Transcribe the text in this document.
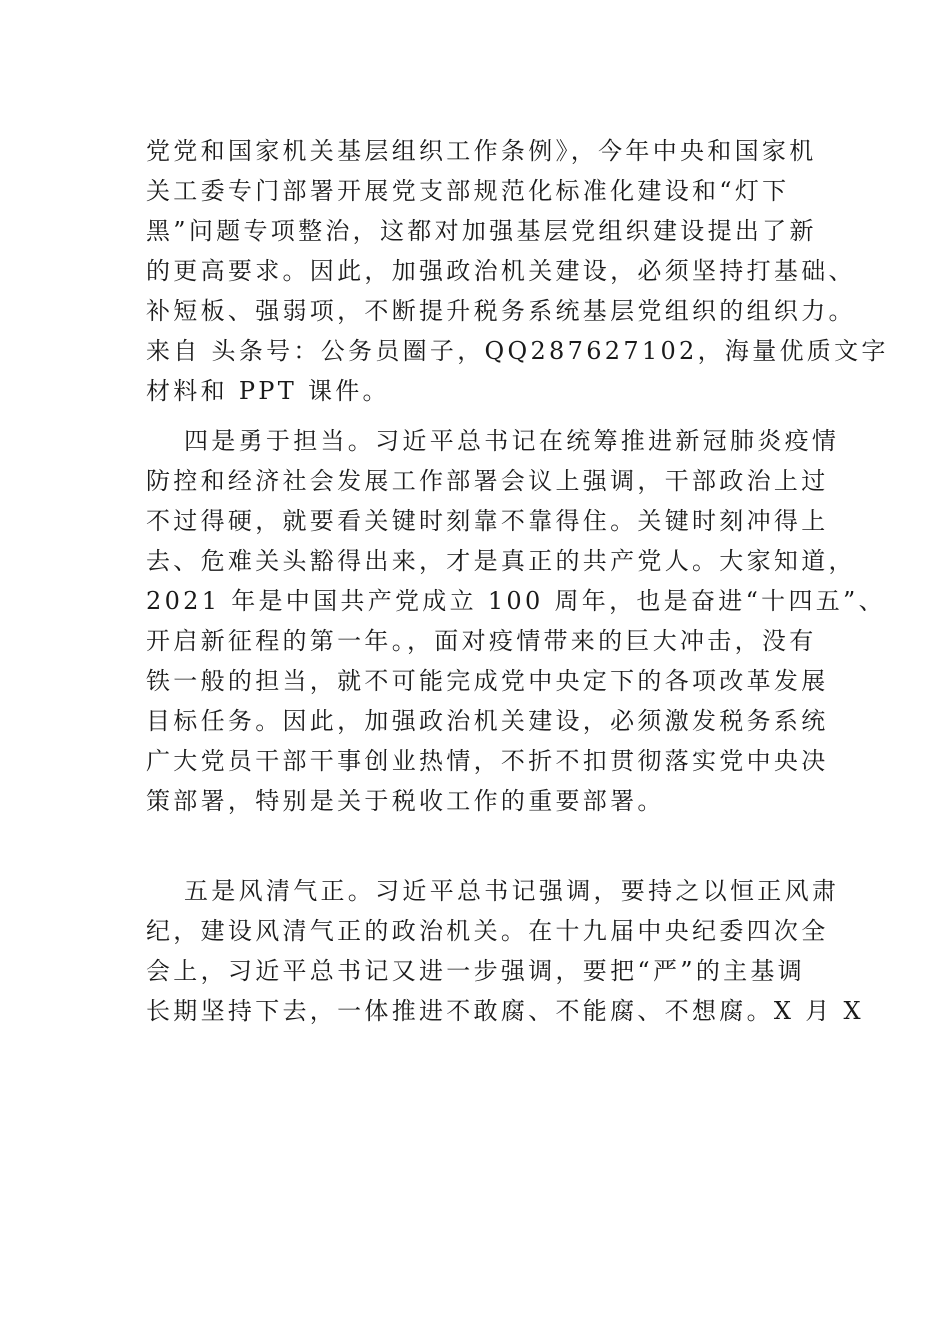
党党和国家机关基层组织工作条例》，今年中央和国家机
关工委专门部署开展党支部规范化标准化建设和“灯下
黑”问题专项整治，这都对加强基层党组织建设提出了新
的更高要求。因此，加强政治机关建设，必须坚持打基础、
补短板、强弱项，不断提升税务系统基层党组织的组织力。
来自 头条号：公务员圈子，QQ287627102，海量优质文字
材料和 PPT 课件。
四是勇于担当。习近平总书记在统筹推进新冠肺炎疫情
防控和经济社会发展工作部署会议上强调，干部政治上过
不过得硬，就要看关键时刻靠不靠得住。关键时刻冲得上
去、危难关头豁得出来，才是真正的共产党人。大家知道，
2021 年是中国共产党成立 100 周年，也是奋进“十四五”、
开启新征程的第一年。，面对疫情带来的巨大冲击，没有
铁一般的担当，就不可能完成党中央定下的各项改革发展
目标任务。因此，加强政治机关建设，必须激发税务系统
广大党员干部干事创业热情，不折不扣贯彻落实党中央决
策部署，特别是关于税收工作的重要部署。
五是风清气正。习近平总书记强调，要持之以恒正风肃
纪，建设风清气正的政治机关。在十九届中央纪委四次全
会上，习近平总书记又进一步强调，要把“严”的主基调
长期坚持下去，一体推进不敢腐、不能腐、不想腐。X 月 X
